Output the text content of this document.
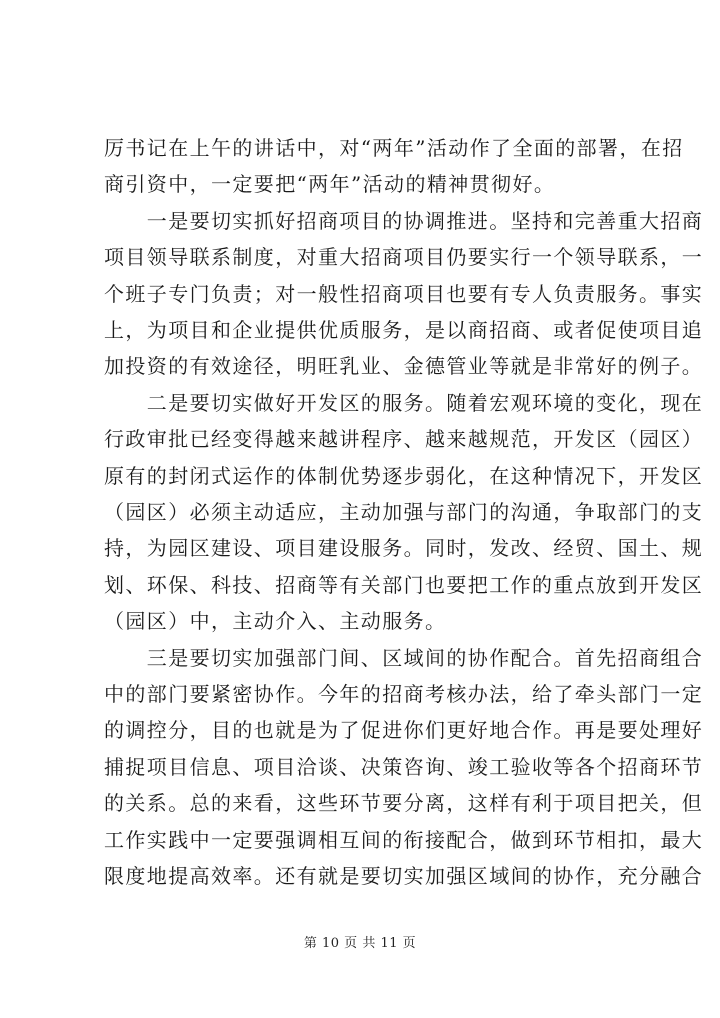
厉书记在上午的讲话中，对“两年”活动作了全面的部署，在招
商引资中，一定要把“两年”活动的精神贯彻好。
　　一是要切实抓好招商项目的协调推进。坚持和完善重大招商
项目领导联系制度，对重大招商项目仍要实行一个领导联系，一
个班子专门负责；对一般性招商项目也要有专人负责服务。事实
上，为项目和企业提供优质服务，是以商招商、或者促使项目追
加投资的有效途径，明旺乳业、金德管业等就是非常好的例子。
　　二是要切实做好开发区的服务。随着宏观环境的变化，现在
行政审批已经变得越来越讲程序、越来越规范，开发区（园区）
原有的封闭式运作的体制优势逐步弱化，在这种情况下，开发区
（园区）必须主动适应，主动加强与部门的沟通，争取部门的支
持，为园区建设、项目建设服务。同时，发改、经贸、国土、规
划、环保、科技、招商等有关部门也要把工作的重点放到开发区
（园区）中，主动介入、主动服务。
　　三是要切实加强部门间、区域间的协作配合。首先招商组合
中的部门要紧密协作。今年的招商考核办法，给了牵头部门一定
的调控分，目的也就是为了促进你们更好地合作。再是要处理好
捕捉项目信息、项目洽谈、决策咨询、竣工验收等各个招商环节
的关系。总的来看，这些环节要分离，这样有利于项目把关，但
工作实践中一定要强调相互间的衔接配合，做到环节相扣，最大
限度地提高效率。还有就是要切实加强区域间的协作，充分融合
第 10 页 共 11 页
